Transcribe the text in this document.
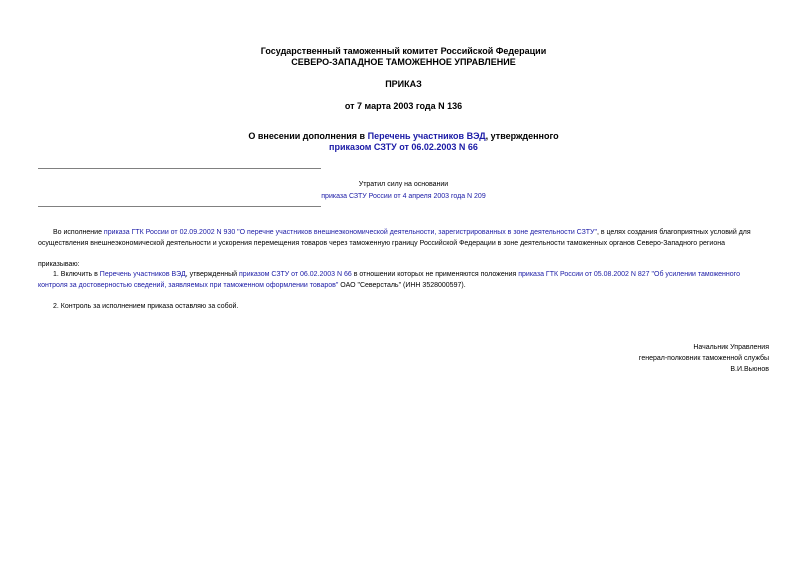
Государственный таможенный комитет Российской Федерации
СЕВЕРО-ЗАПАДНОЕ ТАМОЖЕННОЕ УПРАВЛЕНИЕ
ПРИКАЗ
от 7 марта 2003 года N 136
О внесении дополнения в Перечень участников ВЭД, утвержденного
приказом СЗТУ от 06.02.2003 N 66
Утратил силу на основании
приказа СЗТУ России от 4 апреля 2003 года N 209
Во исполнение приказа ГТК России от 02.09.2002 N 930 "О перечне участников внешнеэкономической деятельности, зарегистрированных в зоне деятельности СЗТУ", в целях создания благоприятных условий для
осуществления внешнеэкономической деятельности и ускорения перемещения товаров через таможенную границу Российской Федерации в зоне деятельности таможенных органов Северо-Западного региона
приказываю:
1. Включить в Перечень участников ВЭД, утвержденный приказом СЗТУ от 06.02.2003 N 66 в отношении которых не применяются положения приказа ГТК России от 05.08.2002 N 827 "Об усилении таможенного
контроля за достоверностью сведений, заявляемых при таможенном оформлении товаров" ОАО "Северсталь" (ИНН 3528000597).
2. Контроль за исполнением приказа оставляю за собой.
Начальник Управления
генерал-полковник таможенной службы
В.И.Вьюнов
